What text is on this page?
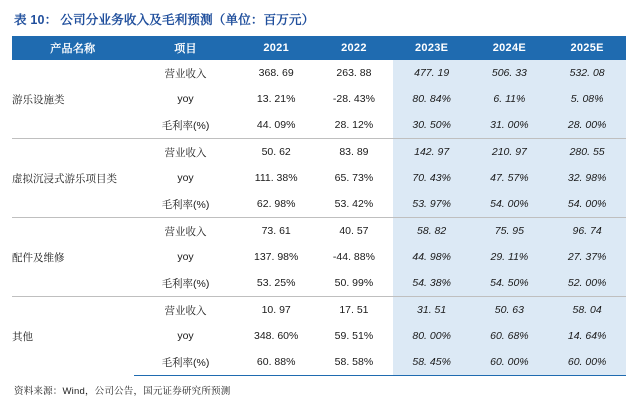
表 10： 公司分业务收入及毛利预测（单位：百万元）
产品名称	项目	2021	2022	2023E	2024E	2025E
游乐设施类	营业收入	368. 69	263. 88	477. 19	506. 33	532. 08
	yoy	13. 21%	-28. 43%	80. 84%	6. 11%	5. 08%
	毛利率(%)	44. 09%	28. 12%	30. 50%	31. 00%	28. 00%
虚拟沉浸式游乐项目类	营业收入	50. 62	83. 89	142. 97	210. 97	280. 55
	yoy	111. 38%	65. 73%	70. 43%	47. 57%	32. 98%
	毛利率(%)	62. 98%	53. 42%	53. 97%	54. 00%	54. 00%
配件及维修	营业收入	73. 61	40. 57	58. 82	75. 95	96. 74
	yoy	137. 98%	-44. 88%	44. 98%	29. 11%	27. 37%
	毛利率(%)	53. 25%	50. 99%	54. 38%	54. 50%	52. 00%
其他	营业收入	10. 97	17. 51	31. 51	50. 63	58. 04
	yoy	348. 60%	59. 51%	80. 00%	60. 68%	14. 64%
	毛利率(%)	60. 88%	58. 58%	58. 45%	60. 00%	60. 00%
资料来源：Wind，公司公告，国元证券研究所预测
